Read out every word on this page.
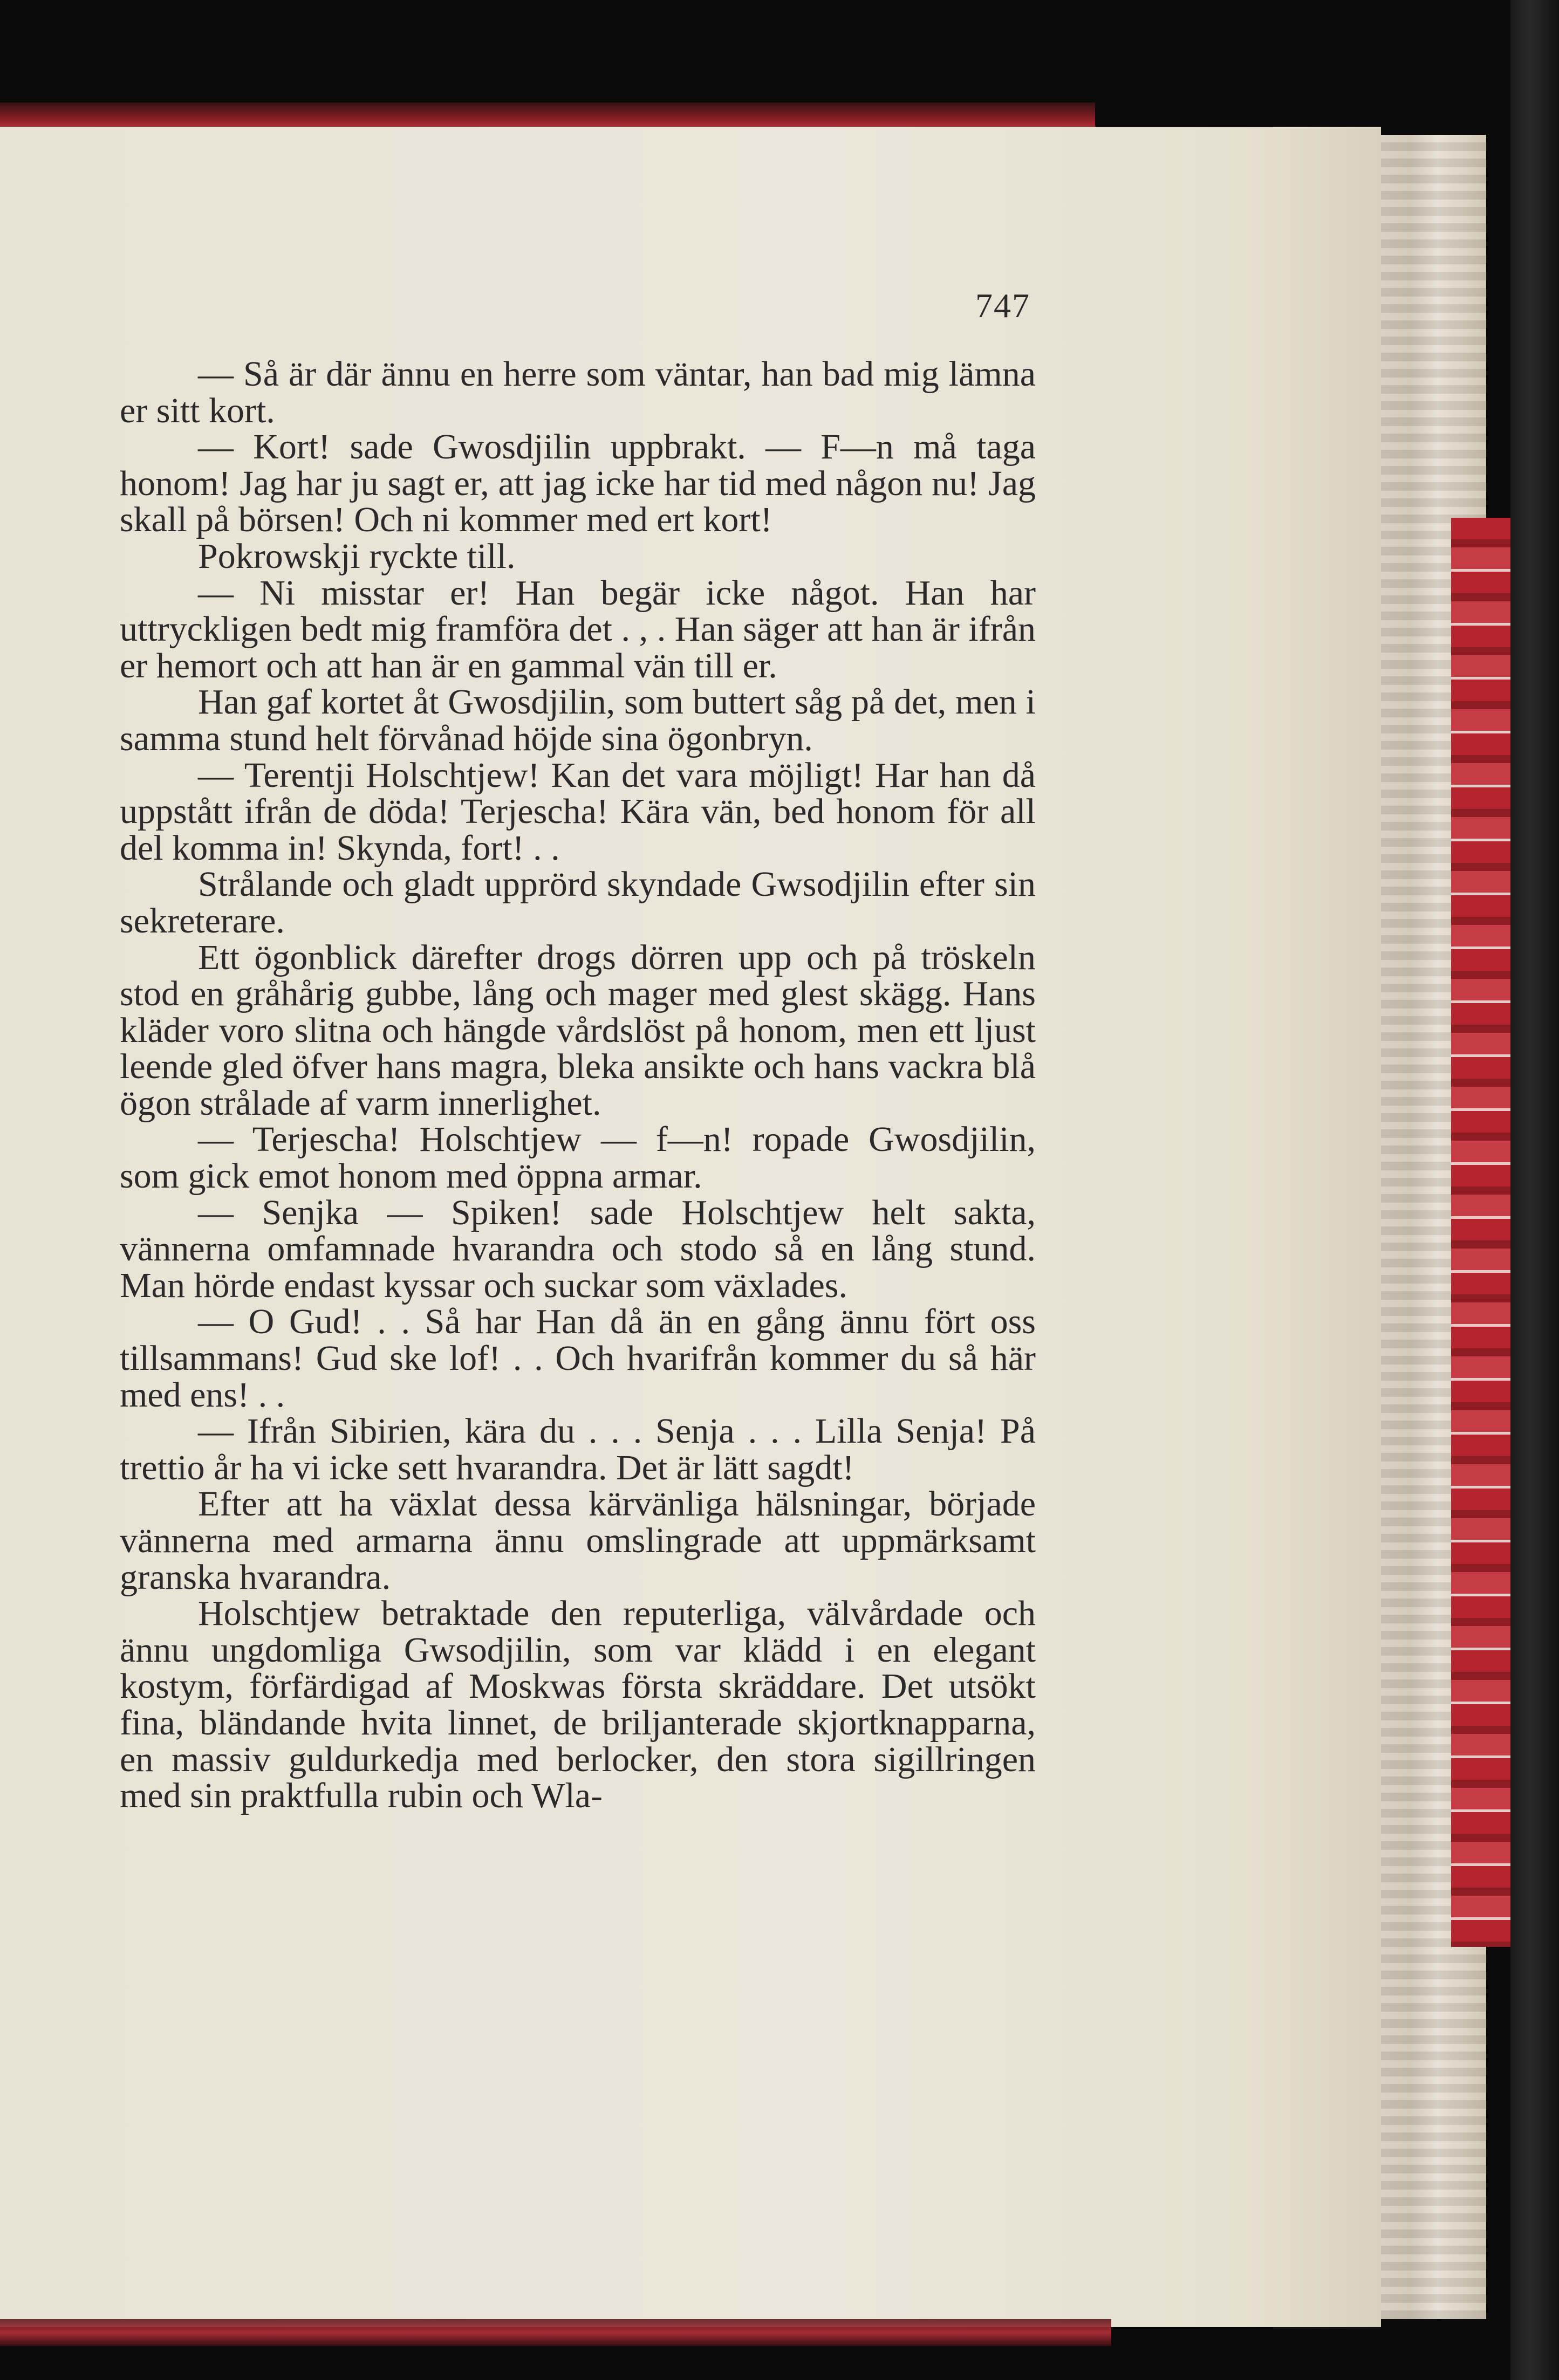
747

— Så är där ännu en herre som väntar, han bad mig lämna er sitt kort.

— Kort! sade Gwosdjilin uppbrakt. — F—n må taga honom! Jag har ju sagt er, att jag icke har tid med någon nu! Jag skall på börsen! Och ni kommer med ert kort!

Pokrowskji ryckte till.

— Ni misstar er! Han begär icke något. Han har uttryckligen bedt mig framföra det . , . Han säger att han är ifrån er hemort och att han är en gammal vän till er.

Han gaf kortet åt Gwosdjilin, som buttert såg på det, men i samma stund helt förvånad höjde sina ögonbryn.

— Terentji Holschtjew! Kan det vara möjligt! Har han då uppstått ifrån de döda! Terjescha! Kära vän, bed honom för all del komma in! Skynda, fort! . .

Strålande och gladt upprörd skyndade Gwsodjilin efter sin sekreterare.

Ett ögonblick därefter drogs dörren upp och på tröskeln stod en gråhårig gubbe, lång och mager med glest skägg. Hans kläder voro slitna och hängde vårdslöst på honom, men ett ljust leende gled öfver hans magra, bleka ansikte och hans vackra blå ögon strålade af varm innerlighet.

— Terjescha! Holschtjew — f—n! ropade Gwosdjilin, som gick emot honom med öppna armar.

— Senjka — Spiken! sade Holschtjew helt sakta, vännerna omfamnade hvarandra och stodo så en lång stund. Man hörde endast kyssar och suckar som växlades.

— O Gud! . . Så har Han då än en gång ännu fört oss tillsammans! Gud ske lof! . . Och hvarifrån kommer du så här med ens! . .

— Ifrån Sibirien, kära du . . . Senja . . . Lilla Senja! På trettio år ha vi icke sett hvarandra. Det är lätt sagdt!

Efter att ha växlat dessa kärvänliga hälsningar, började vännerna med armarna ännu omslingrade att uppmärksamt granska hvarandra.

Holschtjew betraktade den reputerliga, välvårdade och ännu ungdomliga Gwsodjilin, som var klädd i en elegant kostym, förfärdigad af Moskwas första skräddare. Det utsökt fina, bländande hvita linnet, de briljanterade skjortknapparna, en massiv guldurkedja med berlocker, den stora sigillringen med sin praktfulla rubin och Wla-
